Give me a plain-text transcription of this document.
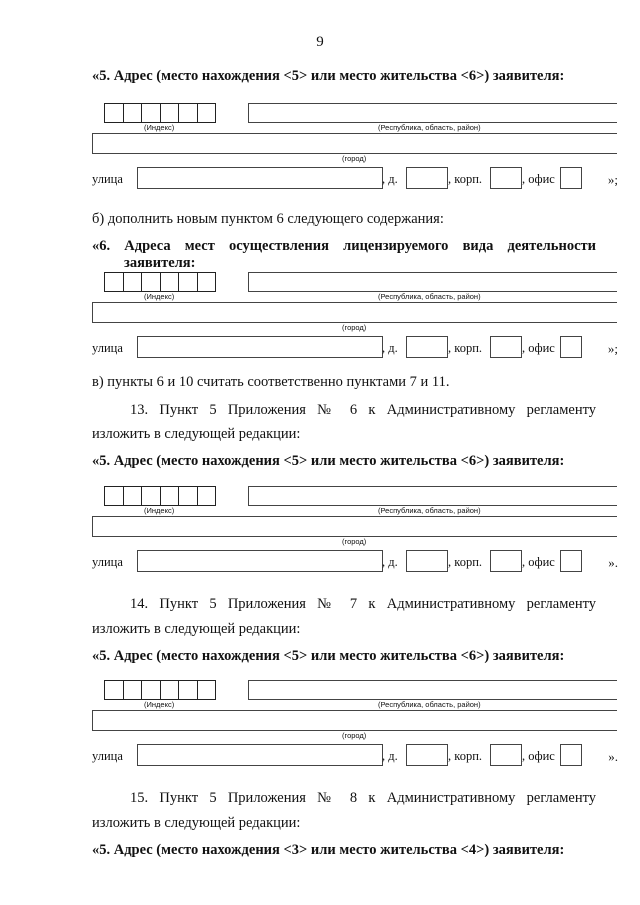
9
«5. Адрес (место нахождения <5> или место жительства <6>) заявителя:
(Индекс)	(Республика, область, район)
(город)
улица	, д.	, корп.	, офис	»;
б) дополнить новым пунктом 6 следующего содержания:
«6. Адреса мест осуществления лицензируемого вида деятельности
заявителя:
(Индекс)	(Республика, область, район)
(город)
улица	, д.	, корп.	, офис	»;
в) пункты 6 и 10 считать соответственно пунктами 7 и 11.
13. Пункт 5 Приложения № 6 к Административному регламенту
изложить в следующей редакции:
«5. Адрес (место нахождения <5> или место жительства <6>) заявителя:
(Индекс)	(Республика, область, район)
(город)
улица	, д.	, корп.	, офис	».
14. Пункт 5 Приложения № 7 к Административному регламенту
изложить в следующей редакции:
«5. Адрес (место нахождения <5> или место жительства <6>) заявителя:
(Индекс)	(Республика, область, район)
(город)
улица	, д.	, корп.	, офис	».
15. Пункт 5 Приложения № 8 к Административному регламенту
изложить в следующей редакции:
«5. Адрес (место нахождения <3> или место жительства <4>) заявителя:
